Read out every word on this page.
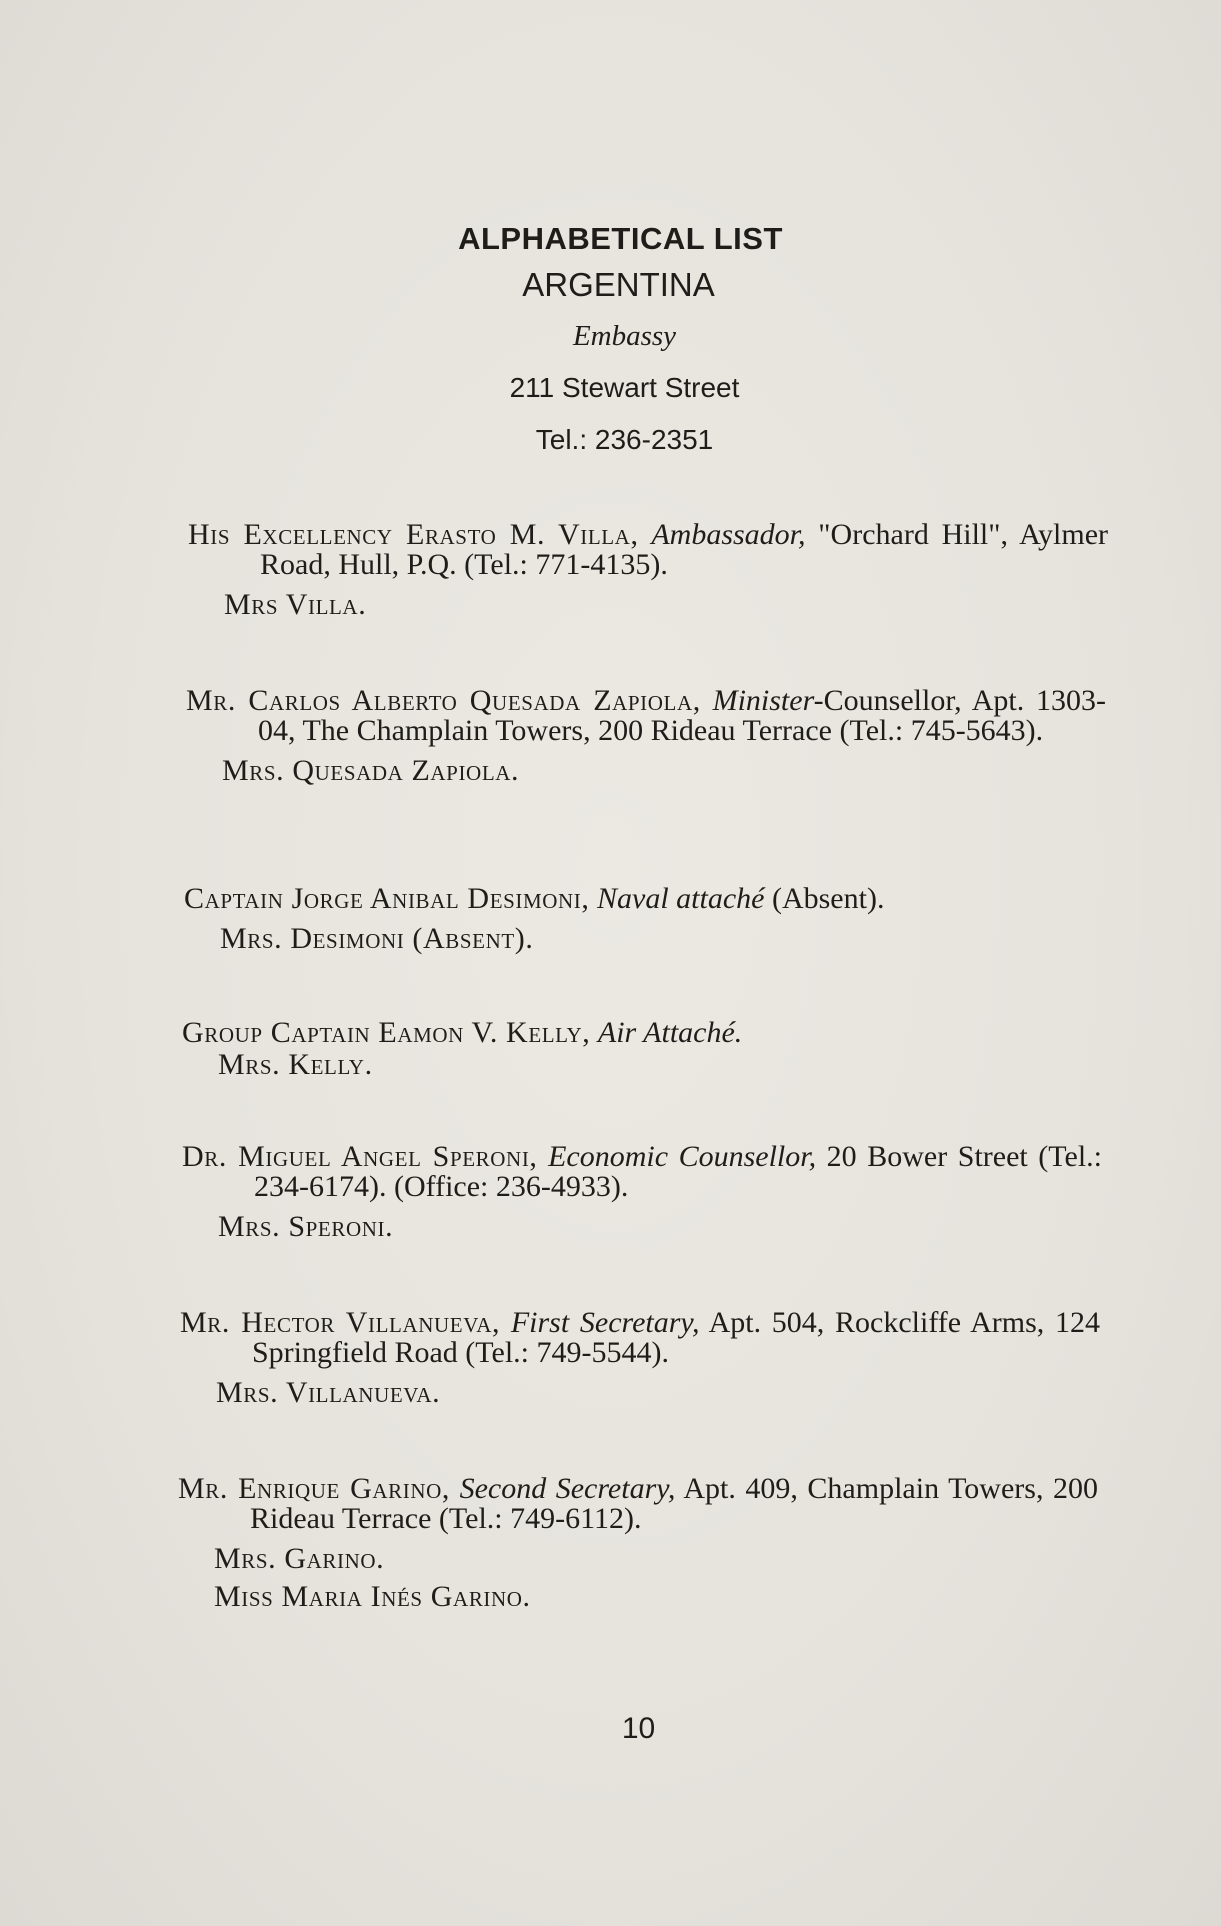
ALPHABETICAL LIST
ARGENTINA
Embassy
211 Stewart Street
Tel.: 236-2351

His Excellency Erasto M. Villa, Ambassador, "Orchard Hill", Aylmer Road, Hull, P.Q. (Tel.: 771-4135).

Mrs Villa.

Mr. Carlos Alberto Quesada Zapiola, Minister-Counsellor, Apt. 1303-04, The Champlain Towers, 200 Rideau Terrace (Tel.: 745-5643).

Mrs. Quesada Zapiola.

Captain Jorge Anibal Desimoni, Naval attaché (Absent).

Mrs. Desimoni (Absent).

Group Captain Eamon V. Kelly, Air Attaché.

Mrs. Kelly.

Dr. Miguel Angel Speroni, Economic Counsellor, 20 Bower Street (Tel.: 234-6174). (Office: 236-4933).

Mrs. Speroni.

Mr. Hector Villanueva, First Secretary, Apt. 504, Rockcliffe Arms, 124 Springfield Road (Tel.: 749-5544).

Mrs. Villanueva.

Mr. Enrique Garino, Second Secretary, Apt. 409, Champlain Towers, 200 Rideau Terrace (Tel.: 749-6112).

Mrs. Garino.

Miss Maria Inés Garino.

10
